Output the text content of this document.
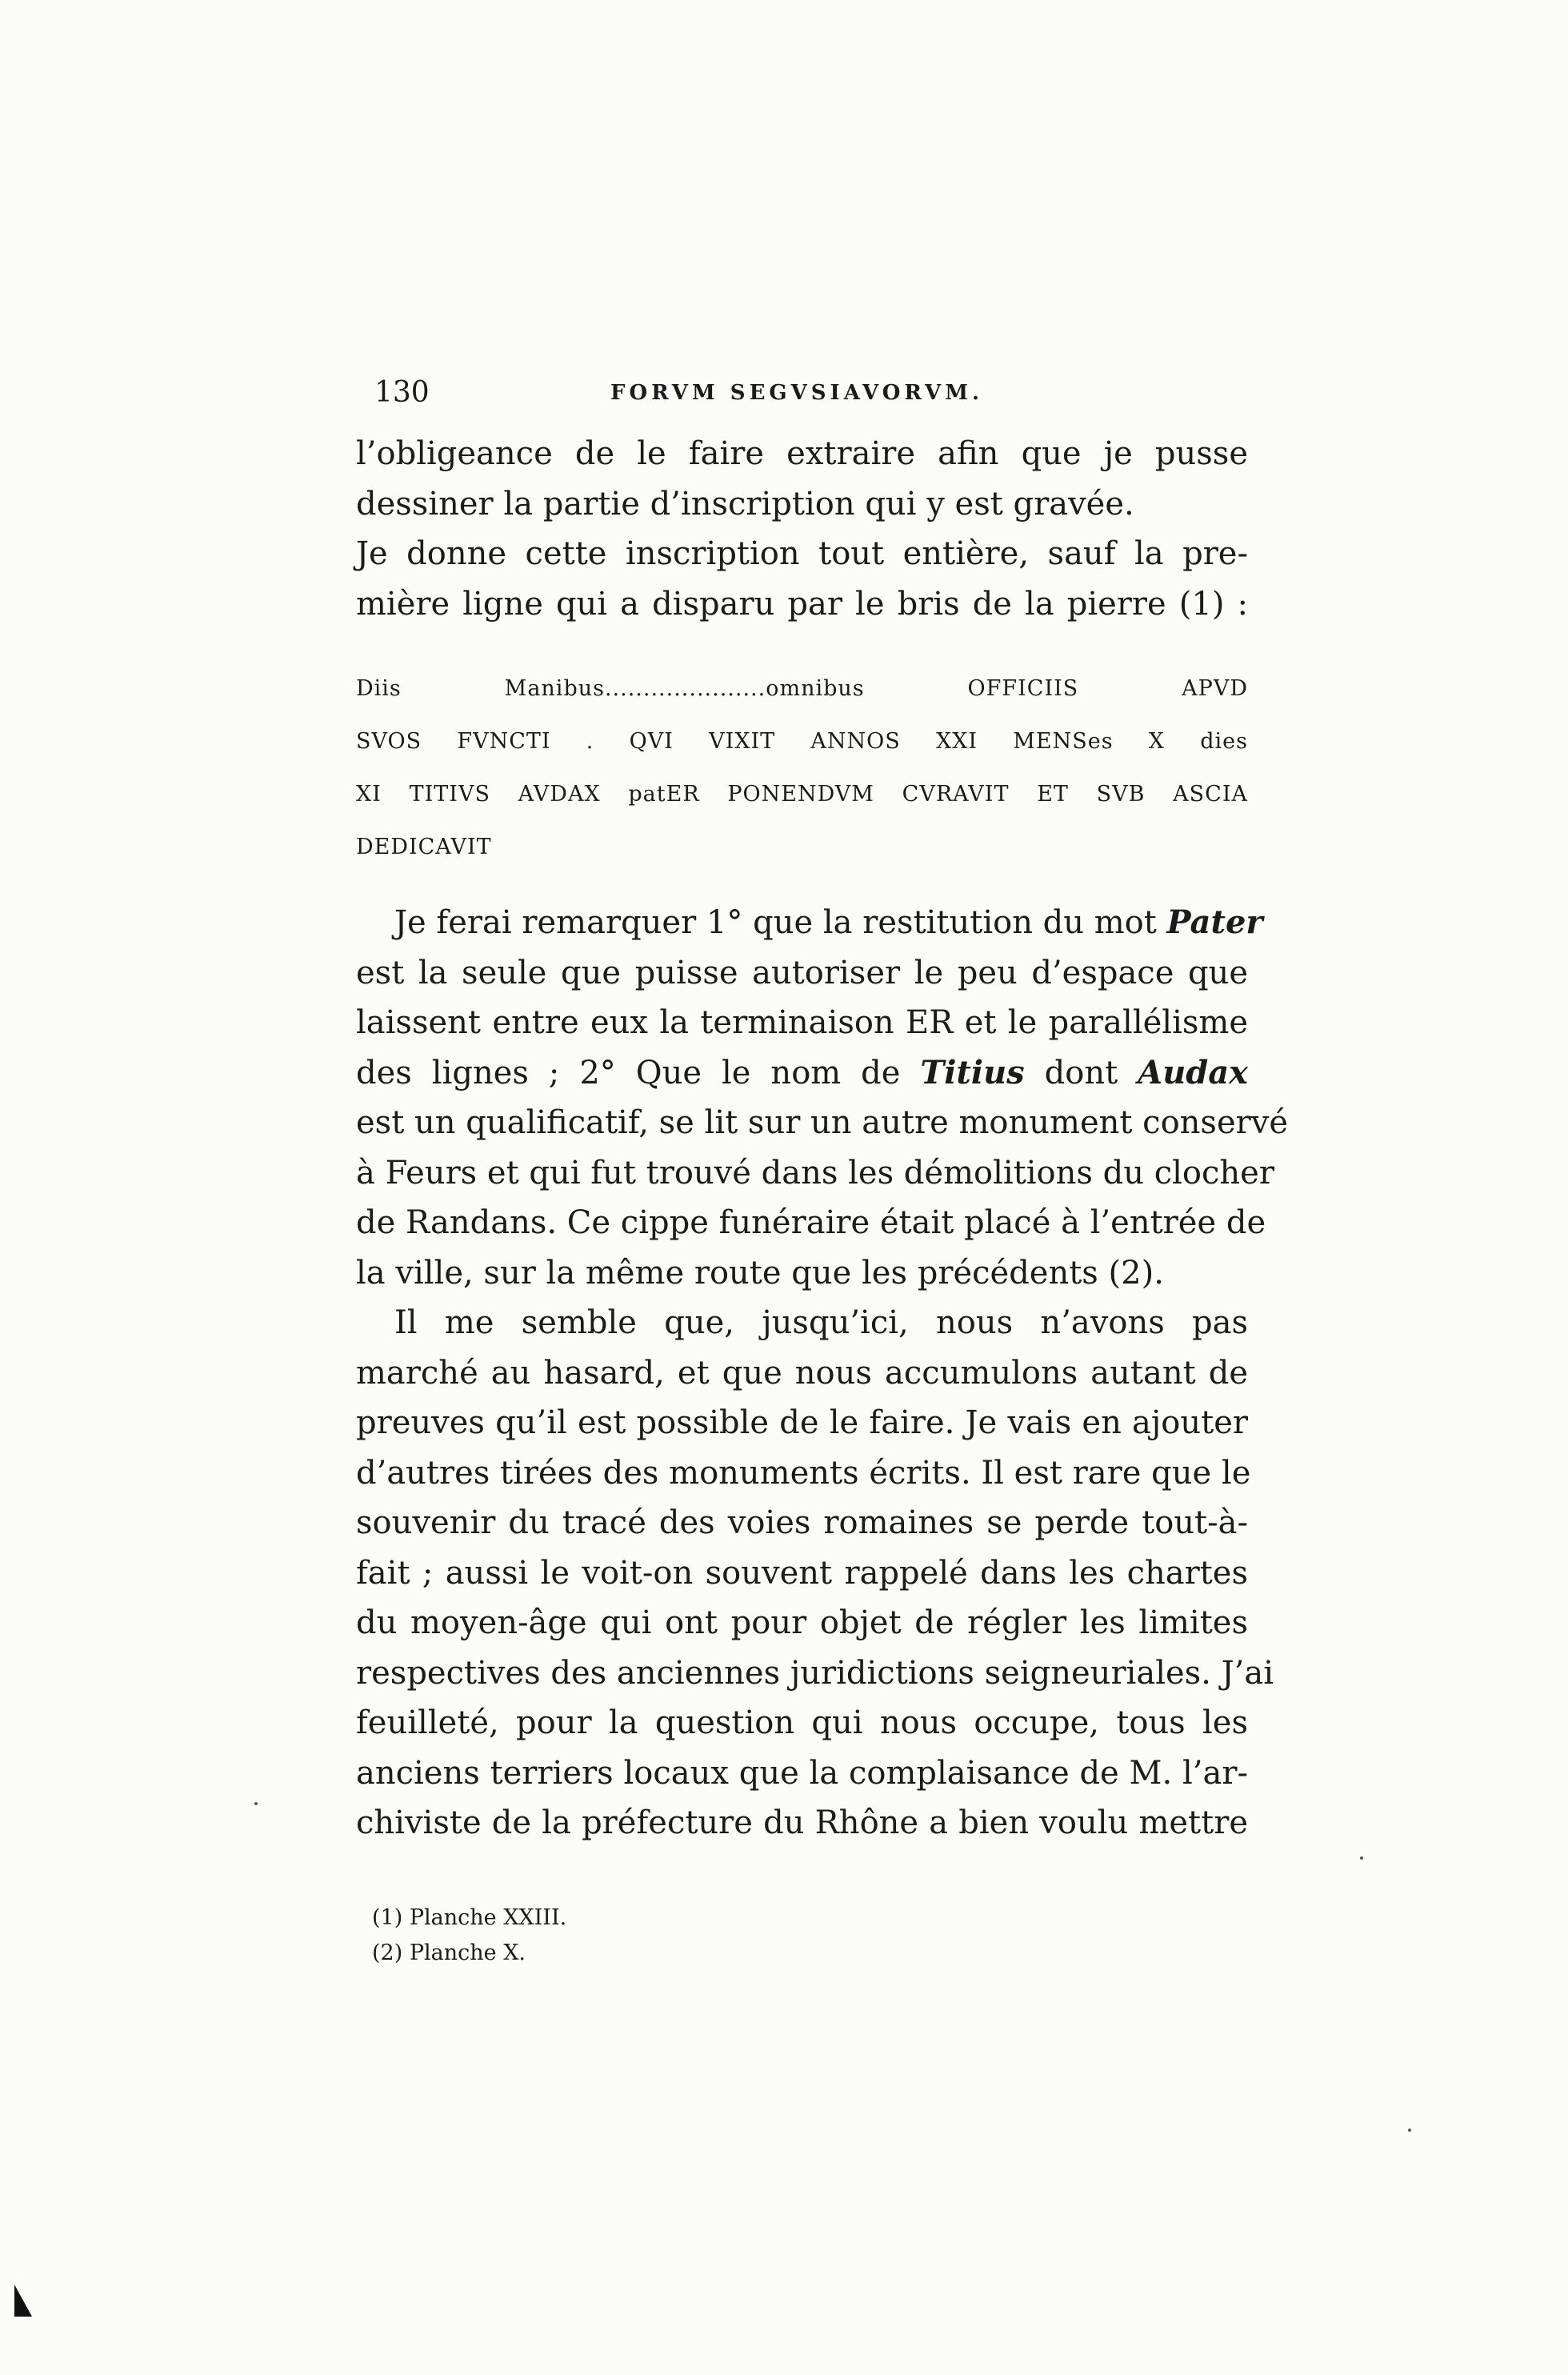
130	FORVM SEGVSIAVORVM.
l’obligeance de le faire extraire afin que je pusse
dessiner la partie d’inscription qui y est gravée.
Je donne cette inscription tout entière, sauf la pre-
mière ligne qui a disparu par le bris de la pierre (1) :
Diis Manibus.....................omnibus OFFICIIS APVD
SVOS FVNCTI . QVI VIXIT ANNOS XXI MENSes X dies
XI TITIVS AVDAX patER PONENDVM CVRAVIT ET SVB ASCIA
DEDICAVIT
Je ferai remarquer 1° que la restitution du mot Pater
est la seule que puisse autoriser le peu d’espace que
laissent entre eux la terminaison ER et le parallélisme
des lignes ; 2° Que le nom de Titius dont Audax
est un qualificatif, se lit sur un autre monument conservé
à Feurs et qui fut trouvé dans les démolitions du clocher
de Randans. Ce cippe funéraire était placé à l’entrée de
la ville, sur la même route que les précédents (2).
Il me semble que, jusqu’ici, nous n’avons pas
marché au hasard, et que nous accumulons autant de
preuves qu’il est possible de le faire. Je vais en ajouter
d’autres tirées des monuments écrits. Il est rare que le
souvenir du tracé des voies romaines se perde tout-à-
fait ; aussi le voit-on souvent rappelé dans les chartes
du moyen-âge qui ont pour objet de régler les limites
respectives des anciennes juridictions seigneuriales. J’ai
feuilleté, pour la question qui nous occupe, tous les
anciens terriers locaux que la complaisance de M. l’ar-
chiviste de la préfecture du Rhône a bien voulu mettre
(1) Planche XXIII.
(2) Planche X.
